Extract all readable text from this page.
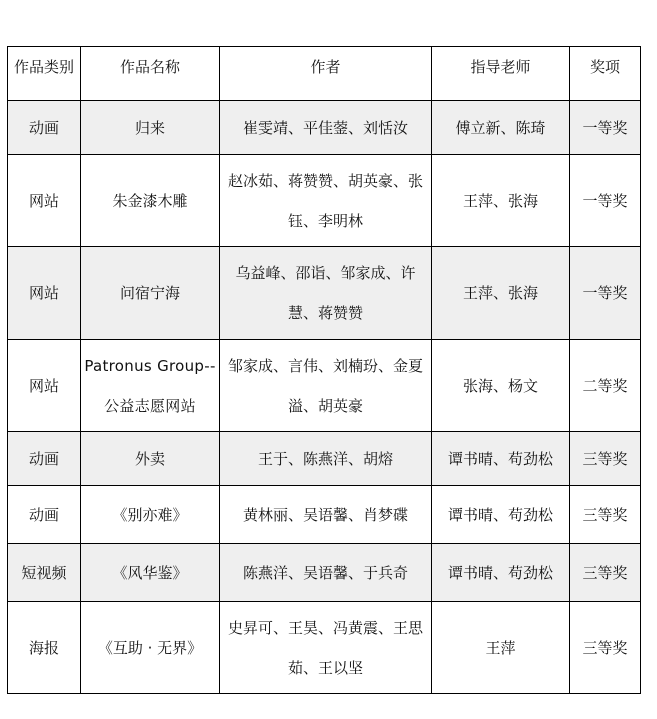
作品类别	作品名称	作者	指导老师	奖项
动画	归来	崔雯靖、平佳蓥、刘恬汝	傅立新、陈琦	一等奖
网站	朱金漆木雕	赵冰茹、蒋赞赞、胡英豪、张钰、李明林	王萍、张海	一等奖
网站	问宿宁海	乌益峰、邵诣、邹家成、许慧、蒋赞赞	王萍、张海	一等奖
网站	Patronus Group--公益志愿网站	邹家成、言伟、刘楠玢、金夏溢、胡英豪	张海、杨文	二等奖
动画	外卖	王于、陈燕洋、胡熔	谭书晴、苟劲松	三等奖
动画	《别亦难》	黄林丽、吴语馨、肖梦碟	谭书晴、苟劲松	三等奖
短视频	《风华鉴》	陈燕洋、吴语馨、于兵奇	谭书晴、苟劲松	三等奖
海报	《互助 · 无界》	史昇可、王昊、冯黄震、王思茹、王以坚	王萍	三等奖
